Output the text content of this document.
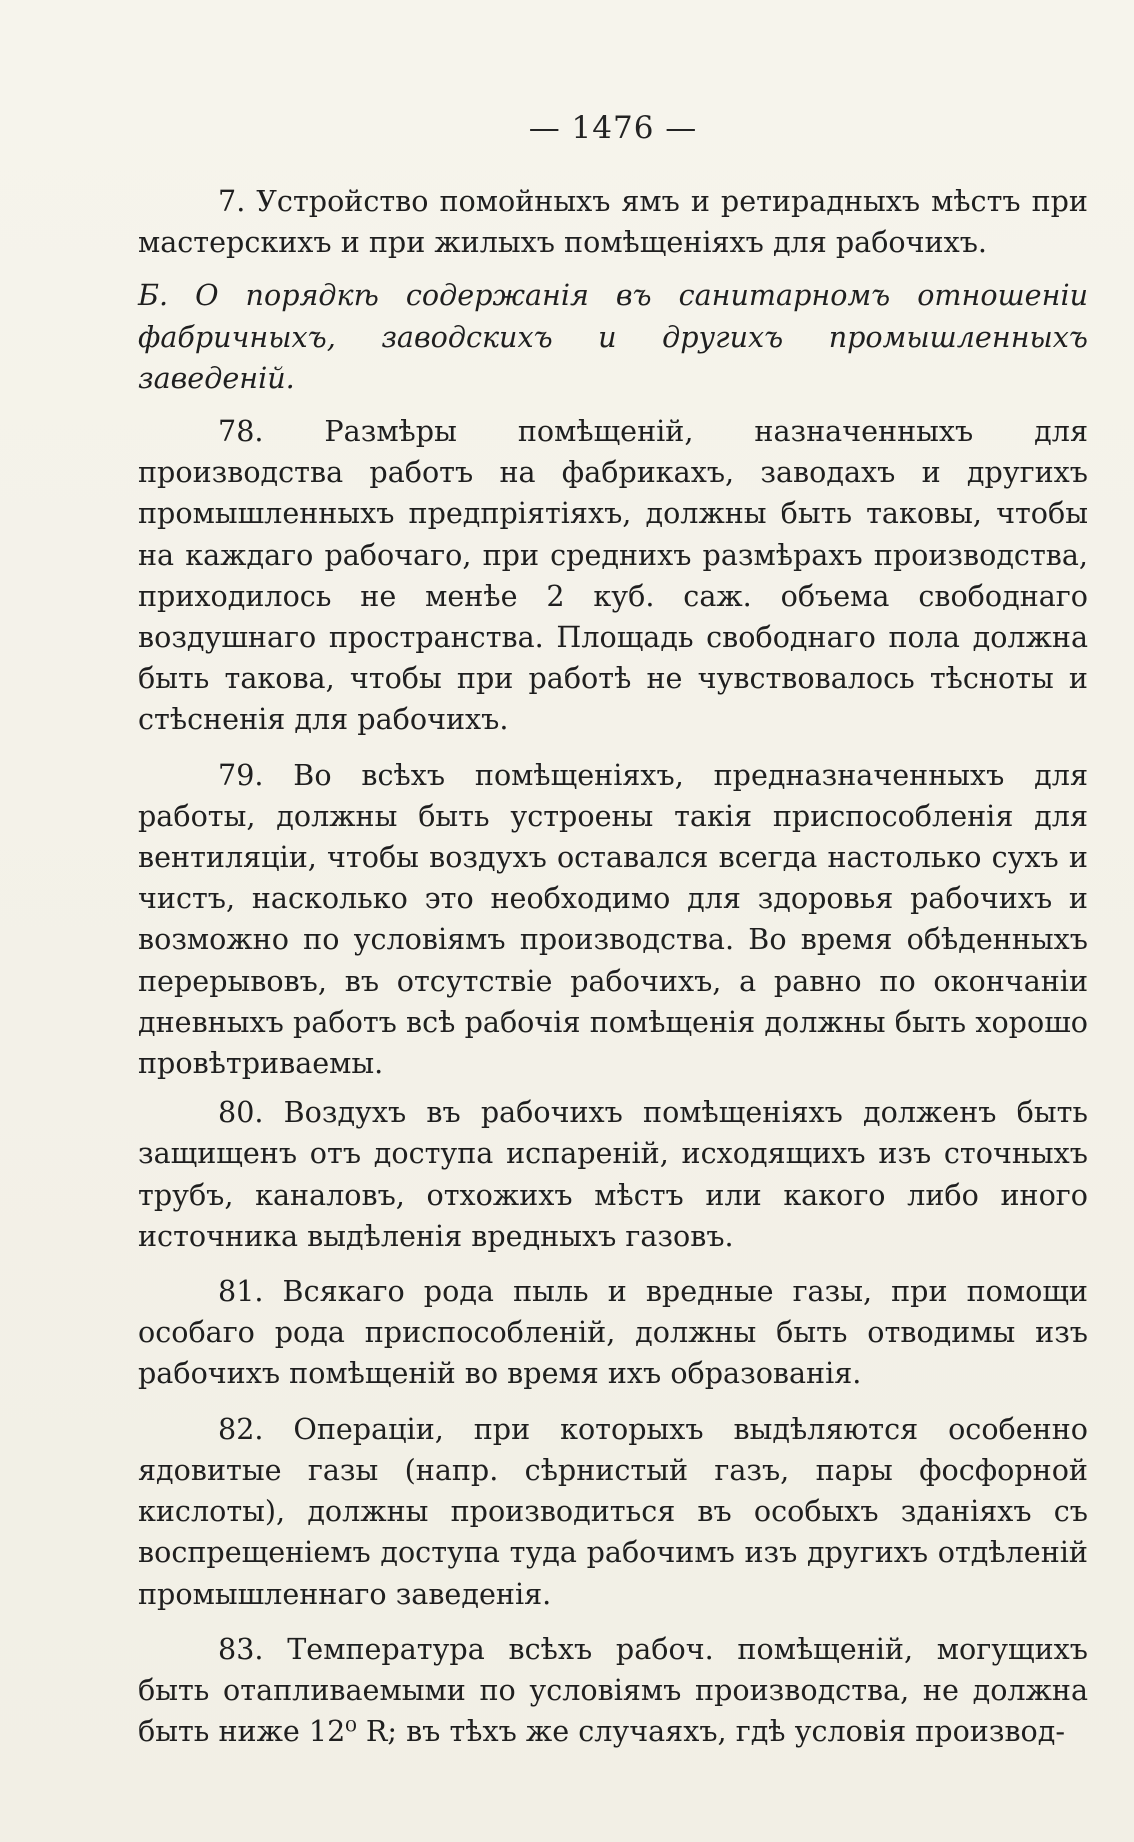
— 1476 —

7. Устройство помойныхъ ямъ и ретирадныхъ мѣстъ при мастерскихъ и при жилыхъ помѣщеніяхъ для рабочихъ.

Б. О порядкѣ содержанія въ санитарномъ отношеніи фабричныхъ, заводскихъ и другихъ промышленныхъ заведеній.

78. Размѣры помѣщеній, назначенныхъ для производства работъ на фабрикахъ, заводахъ и другихъ промышленныхъ предпріятіяхъ, должны быть таковы, чтобы на каждаго рабочаго, при среднихъ размѣрахъ производства, приходилось не менѣе 2 куб. саж. объема свободнаго воздушнаго пространства. Площадь свободнаго пола должна быть такова, чтобы при работѣ не чувствовалось тѣсноты и стѣсненія для рабочихъ.

79. Во всѣхъ помѣщеніяхъ, предназначенныхъ для работы, должны быть устроены такія приспособленія для вентиляціи, чтобы воздухъ оставался всегда настолько сухъ и чистъ, насколько это необходимо для здоровья рабочихъ и возможно по условіямъ производства. Во время обѣденныхъ перерывовъ, въ отсутствіе рабочихъ, а равно по окончаніи дневныхъ работъ всѣ рабочія помѣщенія должны быть хорошо провѣтриваемы.

80. Воздухъ въ рабочихъ помѣщеніяхъ долженъ быть защищенъ отъ доступа испареній, исходящихъ изъ сточныхъ трубъ, каналовъ, отхожихъ мѣстъ или какого либо иного источника выдѣленія вредныхъ газовъ.

81. Всякаго рода пыль и вредные газы, при помощи особаго рода приспособленій, должны быть отводимы изъ рабочихъ помѣщеній во время ихъ образованія.

82. Операціи, при которыхъ выдѣляются особенно ядовитые газы (напр. сѣрнистый газъ, пары фосфорной кислоты), должны производиться въ особыхъ зданіяхъ съ воспрещеніемъ доступа туда рабочимъ изъ другихъ отдѣленій промышленнаго заведенія.

83. Температура всѣхъ рабоч. помѣщеній, могущихъ быть отапливаемыми по условіямъ производства, не должна быть ниже 12⁰ R; въ тѣхъ же случаяхъ, гдѣ условія производ-
